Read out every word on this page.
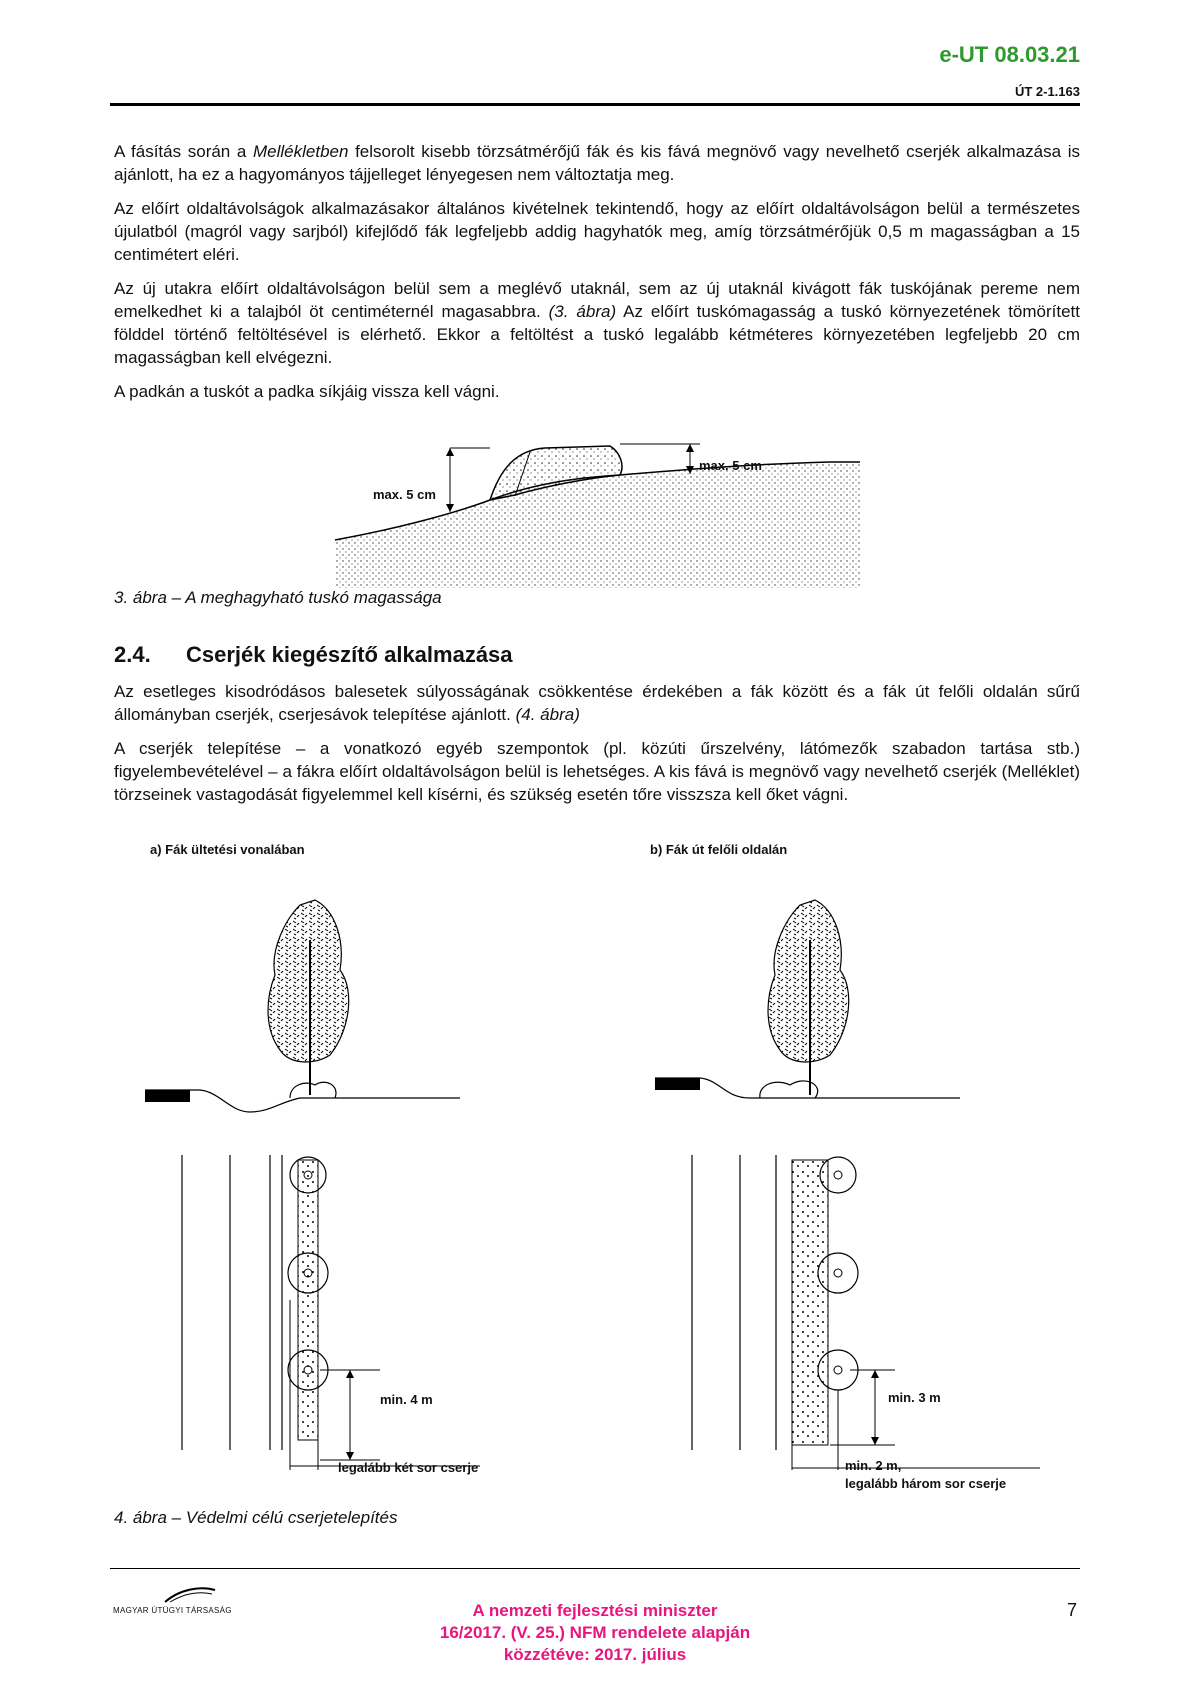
e-UT 08.03.21
ÚT 2-1.163

A fásítás során a Mellékletben felsorolt kisebb törzsátmérőjű fák és kis fává megnövő vagy nevelhető cserjék alkalmazása is ajánlott, ha ez a hagyományos tájjelleget lényegesen nem változtatja meg.

Az előírt oldaltávolságok alkalmazásakor általános kivételnek tekintendő, hogy az előírt oldaltávolságon belül a természetes újulatból (magról vagy sarjból) kifejlődő fák legfeljebb addig hagyhatók meg, amíg törzsátmérőjük 0,5 m magasságban a 15 centimétert eléri.

Az új utakra előírt oldaltávolságon belül sem a meglévő utaknál, sem az új utaknál kivágott fák tuskójának pereme nem emelkedhet ki a talajból öt centiméternél magasabbra. (3. ábra) Az előírt tuskómagasság a tuskó környezetének tömörített földdel történő feltöltésével is elérhető. Ekkor a feltöltést a tuskó legalább kétméteres környezetében legfeljebb 20 cm magasságban kell elvégezni.

A padkán a tuskót a padka síkjáig vissza kell vágni.

max. 5 cm
max. 5 cm
3. ábra – A meghagyható tuskó magassága
2.4. Cserjék kiegészítő alkalmazása

Az esetleges kisodródásos balesetek súlyosságának csökkentése érdekében a fák között és a fák út felőli oldalán sűrű állományban cserjék, cserjesávok telepítése ajánlott. (4. ábra)

A cserjék telepítése – a vonatkozó egyéb szempontok (pl. közúti űrszelvény, látómezők szabadon tartása stb.) figyelembevételével – a fákra előírt oldaltávolságon belül is lehetséges. A kis fává is megnövő vagy nevelhető cserjék (Melléklet) törzseinek vastagodását figyelemmel kell kísérni, és szükség esetén tőre visszsza kell őket vágni.

a) Fák ültetési vonalában	b) Fák út felőli oldalán
min. 4 m
legalább két sor cserje
min. 3 m
min. 2 m,
legalább három sor cserje
4. ábra – Védelmi célú cserjetelepítés
MAGYAR ÚTÜGYI TÁRSASÁG	A nemzeti fejlesztési miniszter
16/2017. (V. 25.) NFM rendelete alapján
közzétéve: 2017. július
7
